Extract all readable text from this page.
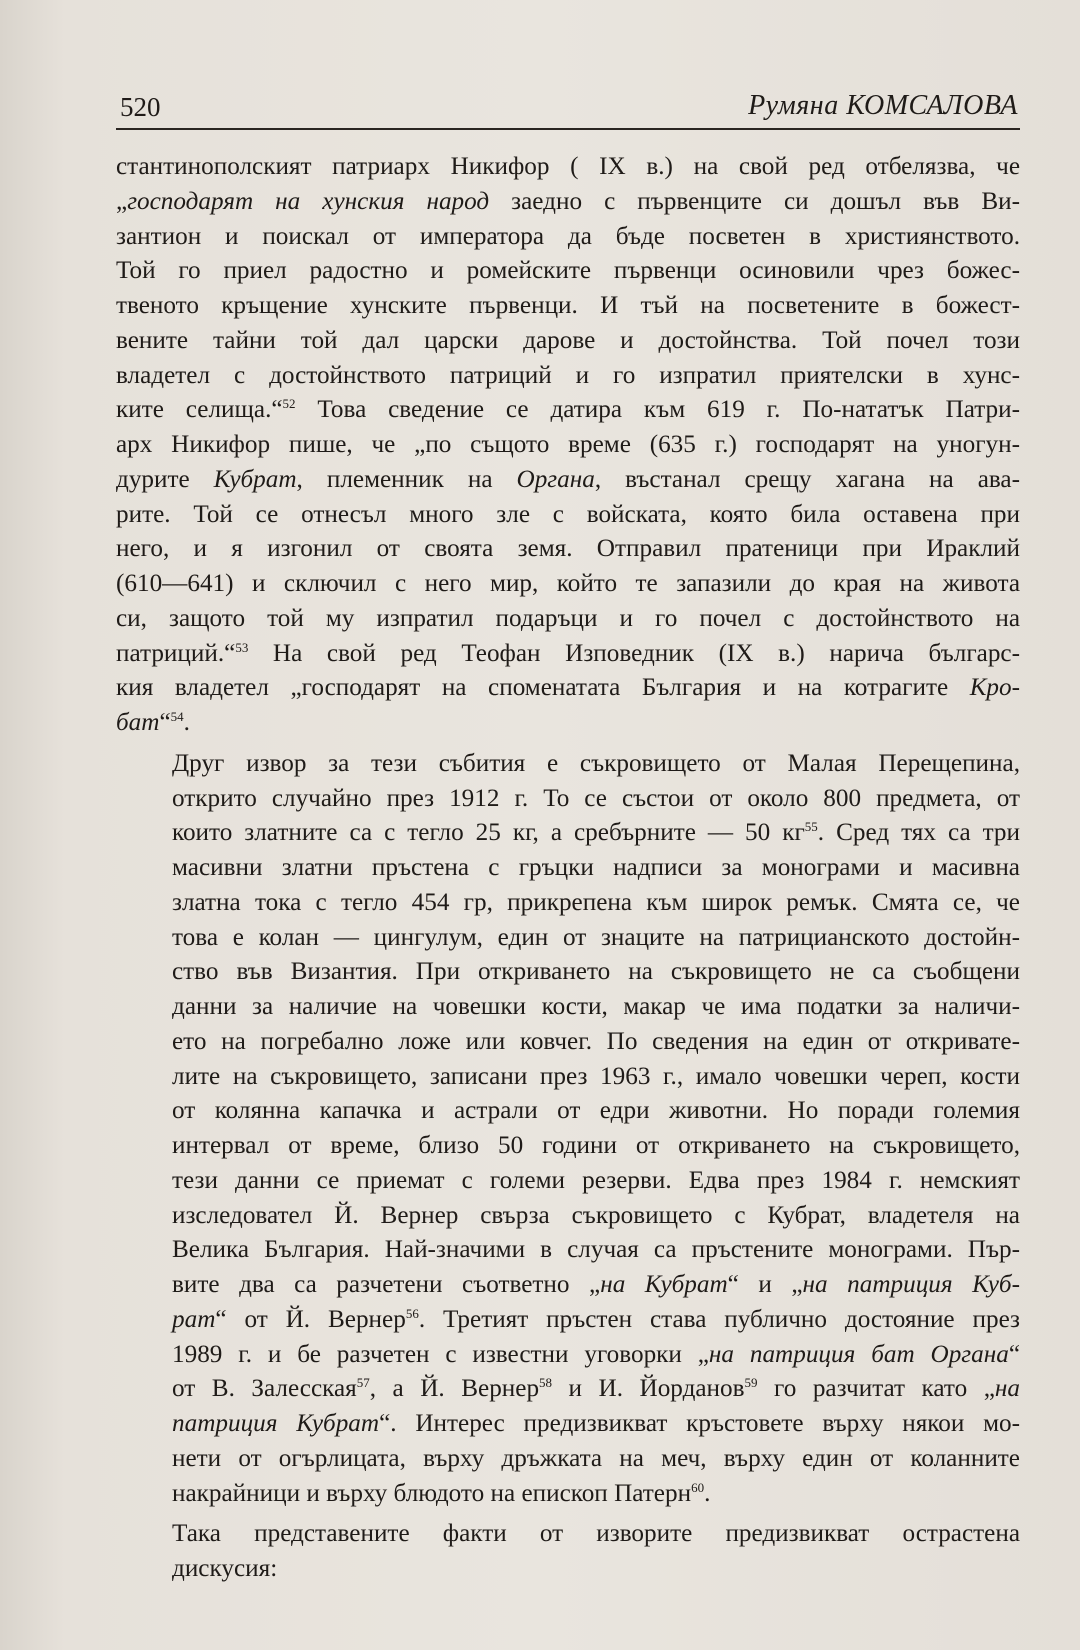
520	Румяна КОМСАЛОВА

стантинополският патриарх Никифор ( IX в.) на свой ред отбелязва, че
„господарят на хунския народ заедно с първенците си дошъл във Ви-
зантион и поискал от императора да бъде посветен в християнството.
Той го приел радостно и ромейските първенци осиновили чрез божес-
твеното кръщение хунските първенци. И тъй на посветените в божест-
вените тайни той дал царски дарове и достойнства. Той почел този
владетел с достойнството патриций и го изпратил приятелски в хунс-
ките селища.“$^{52}$ Това сведение се датира към 619 г. По-нататък Патри-
арх Никифор пише, че „по същото време (635 г.) господарят на уногун-
дурите Кубрат, племенник на Органа, въстанал срещу хагана на ава-
рите. Той се отнесъл много зле с войската, която била оставена при
него, и я изгонил от своята земя. Отправил пратеници при Ираклий
(610—641) и сключил с него мир, който те запазили до края на живота
си, защото той му изпратил подаръци и го почел с достойнството на
патриций.“$^{53}$ На свой ред Теофан Изповедник (IX в.) нарича българс-
кия владетел „господарят на споменатата България и на котрагите Кро-
бат“$^{54}$.

Друг извор за тези събития е съкровището от Малая Перещепина,
открито случайно през 1912 г. То се състои от около 800 предмета, от
които златните са с тегло 25 кг, а сребърните — 50 $кг^{55}$. Сред тях са три
масивни златни пръстена с гръцки надписи за монограми и масивна
златна тока с тегло 454 гр, прикрепена към широк ремък. Смята се, че
това е колан — цингулум, един от знаците на патрицианското достойн-
ство във Византия. При откриването на съкровището не са съобщени
данни за наличие на човешки кости, макар че има податки за наличи-
ето на погребално ложе или ковчег. По сведения на един от откривате-
лите на съкровището, записани през 1963 г., имало човешки череп, кости
от колянна капачка и астрали от едри животни. Но поради големия
интервал от време, близо 50 години от откриването на съкровището,
тези данни се приемат с големи резерви. Едва през 1984 г. немският
изследовател Й. Вернер свърза съкровището с Кубрат, владетеля на
Велика България. Най-значими в случая са пръстените монограми. Пър-
вите два са разчетени съответно „на Кубрат“ и „на патриция Куб-
рат“ от Й. Вернер$^{56}$. Третият пръстен става публично достояние през
1989 г. и бе разчетен с известни уговорки „на патриция бат Органа“
от В. Залесская$^{57}$, а Й. Вернер$^{58}$ и И. Йорданов$^{59}$ го разчитат като „на
патриция Кубрат“. Интерес предизвикват кръстовете върху някои мо-
нети от огърлицата, върху дръжката на меч, върху един от коланните
накрайници и върху блюдото на епископ Патерн$^{60}$.

Така представените факти от изворите предизвикват острастена
дискусия:
